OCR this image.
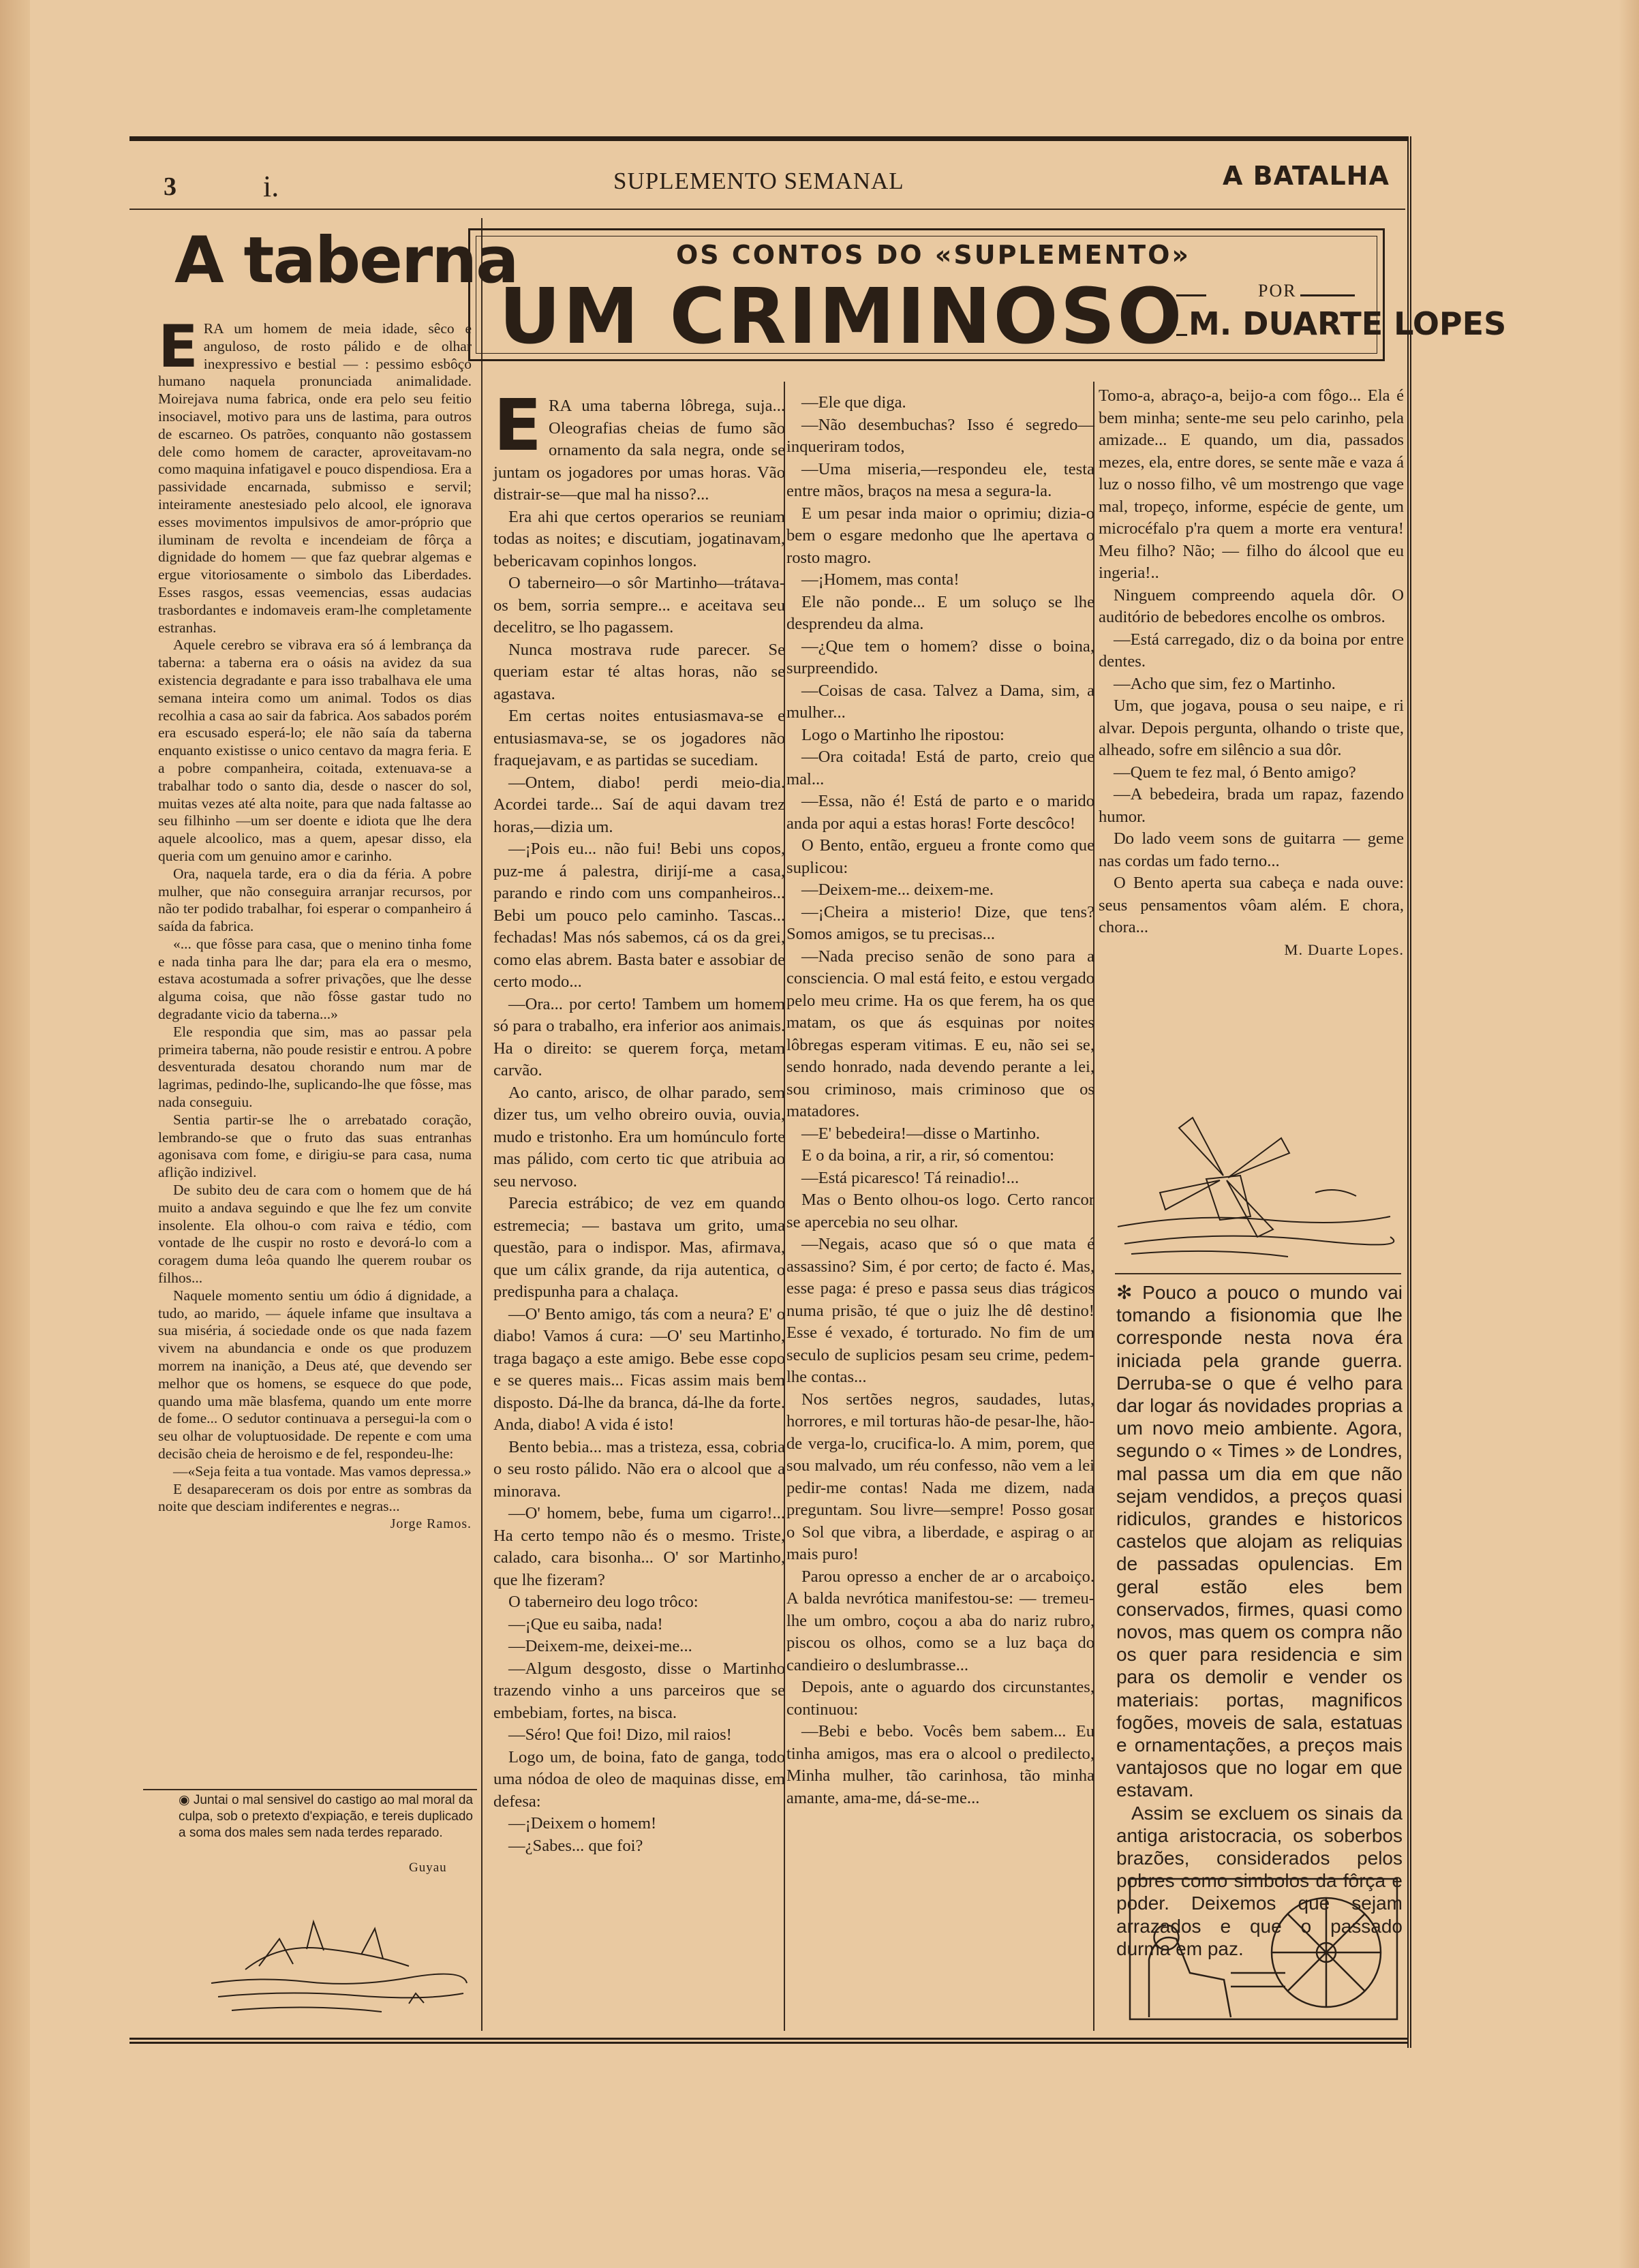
3	i.	SUPLEMENTO SEMANAL	A BATALHA
A taberna

ERA um homem de meia idade, sêco e anguloso, de rosto pálido e de olhar inexpressivo e bestial — : pessimo esbôço humano naquela pronunciada animalidade. Moirejava numa fabrica, onde era pelo seu feitio insociavel, motivo para uns de lastima, para outros de escarneo. Os patrões, conquanto não gostassem dele como homem de caracter, aproveitavam-no como maquina infatigavel e pouco dispendiosa. Era a passividade encarnada, submisso e servil; inteiramente anestesiado pelo alcool, ele ignorava esses movimentos impulsivos de amor-próprio que iluminam de revolta e incendeiam de fôrça a dignidade do homem — que faz quebrar algemas e ergue vitoriosamente o simbolo das Liberdades. Esses rasgos, essas veemencias, essas audacias trasbordantes e indomaveis eram-lhe completamente estranhas.

Aquele cerebro se vibrava era só á lembrança da taberna: a taberna era o oásis na avidez da sua existencia degradante e para isso trabalhava ele uma semana inteira como um animal. Todos os dias recolhia a casa ao sair da fabrica. Aos sabados porém era escusado esperá-lo; ele não saía da taberna enquanto existisse o unico centavo da magra feria. E a pobre companheira, coitada, extenuava-se a trabalhar todo o santo dia, desde o nascer do sol, muitas vezes até alta noite, para que nada faltasse ao seu filhinho —um ser doente e idiota que lhe dera aquele alcoolico, mas a quem, apesar disso, ela queria com um genuino amor e carinho.

Ora, naquela tarde, era o dia da féria. A pobre mulher, que não conseguira arranjar recursos, por não ter podido trabalhar, foi esperar o companheiro á saída da fabrica.

«... que fôsse para casa, que o menino tinha fome e nada tinha para lhe dar; para ela era o mesmo, estava acostumada a sofrer privações, que lhe desse alguma coisa, que não fôsse gastar tudo no degradante vicio da taberna...»

Ele respondia que sim, mas ao passar pela primeira taberna, não poude resistir e entrou. A pobre desventurada desatou chorando num mar de lagrimas, pedindo-lhe, suplicando-lhe que fôsse, mas nada conseguiu.

Sentia partir-se lhe o arrebatado coração, lembrando-se que o fruto das suas entranhas agonisava com fome, e dirigiu-se para casa, numa aflição indizivel.

De subito deu de cara com o homem que de há muito a andava seguindo e que lhe fez um convite insolente. Ela olhou-o com raiva e tédio, com vontade de lhe cuspir no rosto e devorá-lo com a coragem duma leôa quando lhe querem roubar os filhos...

Naquele momento sentiu um ódio á dignidade, a tudo, ao marido, — áquele infame que insultava a sua miséria, á sociedade onde os que nada fazem vivem na abundancia e onde os que produzem morrem na inanição, a Deus até, que devendo ser melhor que os homens, se esquece do que pode, quando uma mãe blasfema, quando um ente morre de fome... O sedutor continuava a persegui-la com o seu olhar de voluptuosidade. De repente e com uma decisão cheia de heroismo e de fel, respondeu-lhe:

—«Seja feita a tua vontade. Mas vamos depressa.»

E desapareceram os dois por entre as sombras da noite que desciam indiferentes e negras...

Jorge Ramos.

◉ Juntai o mal sensivel do castigo ao mal moral da culpa, sob o pretexto d'expiação, e tereis duplicado a soma dos males sem nada terdes reparado.
Guyau
OS CONTOS DO «SUPLEMENTO»
UM CRIMINOSO	POR
M. DUARTE LOPES

ERA uma taberna lôbrega, suja... Oleografias cheias de fumo são ornamento da sala negra, onde se juntam os jogadores por umas horas. Vão distrair-se—que mal ha nisso?...

Era ahi que certos operarios se reuniam todas as noites; e discutiam, jogatinavam, bebericavam copinhos longos.

O taberneiro—o sôr Martinho—trátava-os bem, sorria sempre... e aceitava seu decelitro, se lho pagassem.

Nunca mostrava rude parecer. Se queriam estar té altas horas, não se agastava.

Em certas noites entusiasmava-se e entusiasmava-se, se os jogadores não fraquejavam, e as partidas se sucediam.

—Ontem, diabo! perdi meio-dia. Acordei tarde... Saí de aqui davam trez horas,—dizia um.

—¡Pois eu... não fui! Bebi uns copos, puz-me á palestra, dirijí-me a casa, parando e rindo com uns companheiros... Bebi um pouco pelo caminho. Tascas... fechadas! Mas nós sabemos, cá os da grei, como elas abrem. Basta bater e assobiar de certo modo...

—Ora... por certo! Tambem um homem só para o trabalho, era inferior aos animais. Ha o direito: se querem força, metam carvão.

Ao canto, arisco, de olhar parado, sem dizer tus, um velho obreiro ouvia, ouvia, mudo e tristonho. Era um homúnculo forte mas pálido, com certo tic que atribuia ao seu nervoso.

Parecia estrábico; de vez em quando estremecia; — bastava um grito, uma questão, para o indispor. Mas, afirmava, que um cálix grande, da rija autentica, o predispunha para a chalaça.

—O' Bento amigo, tás com a neura? E' o diabo! Vamos á cura: —O' seu Martinho, traga bagaço a este amigo. Bebe esse copo e se queres mais... Ficas assim mais bem disposto. Dá-lhe da branca, dá-lhe da forte. Anda, diabo! A vida é isto!

Bento bebia... mas a tristeza, essa, cobria o seu rosto pálido. Não era o alcool que a minorava.

—O' homem, bebe, fuma um cigarro!... Ha certo tempo não és o mesmo. Triste, calado, cara bisonha... O' sor Martinho, que lhe fizeram?

O taberneiro deu logo trôco:

—¡Que eu saiba, nada!

—Deixem-me, deixei-me...

—Algum desgosto, disse o Martinho trazendo vinho a uns parceiros que se embebiam, fortes, na bisca.

—Séro! Que foi! Dizo, mil raios!

Logo um, de boina, fato de ganga, todo uma nódoa de oleo de maquinas disse, em defesa:

—¡Deixem o homem!

—¿Sabes... que foi?

—Ele que diga.

—Não desembuchas? Isso é segredo—inqueriram todos,

—Uma miseria,—respondeu ele, testa entre mãos, braços na mesa a segura-la.

E um pesar inda maior o oprimiu; dizia-o bem o esgare medonho que lhe apertava o rosto magro.

—¡Homem, mas conta!

Ele não ponde... E um soluço se lhe desprendeu da alma.

—¿Que tem o homem? disse o boina, surpreendido.

—Coisas de casa. Talvez a Dama, sim, a mulher...

Logo o Martinho lhe ripostou:

—Ora coitada! Está de parto, creio que mal...

—Essa, não é! Está de parto e o marido anda por aqui a estas horas! Forte descôco!

O Bento, então, ergueu a fronte como que suplicou:

—Deixem-me... deixem-me.

—¡Cheira a misterio! Dize, que tens? Somos amigos, se tu precisas...

—Nada preciso senão de sono para a consciencia. O mal está feito, e estou vergado pelo meu crime. Ha os que ferem, ha os que matam, os que ás esquinas por noites lôbregas esperam vitimas. E eu, não sei se, sendo honrado, nada devendo perante a lei, sou criminoso, mais criminoso que os matadores.

—E' bebedeira!—disse o Martinho.

E o da boina, a rir, a rir, só comentou:

—Está picaresco! Tá reinadio!...

Mas o Bento olhou-os logo. Certo rancor se apercebia no seu olhar.

—Negais, acaso que só o que mata é assassino? Sim, é por certo; de facto é. Mas, esse paga: é preso e passa seus dias trágicos numa prisão, té que o juiz lhe dê destino! Esse é vexado, é torturado. No fim de um seculo de suplicios pesam seu crime, pedem-lhe contas...

Nos sertões negros, saudades, lutas, horrores, e mil torturas hão-de pesar-lhe, hão-de verga-lo, crucifica-lo. A mim, porem, que sou malvado, um réu confesso, não vem a lei pedir-me contas! Nada me dizem, nada preguntam. Sou livre—sempre! Posso gosar o Sol que vibra, a liberdade, e aspirag o ar mais puro!

Parou opresso a encher de ar o arcaboiço. A balda nevrótica manifestou-se: — tremeu-lhe um ombro, coçou a aba do nariz rubro, piscou os olhos, como se a luz baça do candieiro o deslumbrasse...

Depois, ante o aguardo dos circunstantes, continuou:

—Bebi e bebo. Vocês bem sabem... Eu tinha amigos, mas era o alcool o predilecto, Minha mulher, tão carinhosa, tão minha amante, ama-me, dá-se-me...

Tomo-a, abraço-a, beijo-a com fôgo... Ela é bem minha; sente-me seu pelo carinho, pela amizade... E quando, um dia, passados mezes, ela, entre dores, se sente mãe e vaza á luz o nosso filho, vê um mostrengo que vage mal, tropeço, informe, espécie de gente, um microcéfalo p'ra quem a morte era ventura! Meu filho? Não; — filho do álcool que eu ingeria!..

Ninguem compreendo aquela dôr. O auditório de bebedores encolhe os ombros.

—Está carregado, diz o da boina por entre dentes.

—Acho que sim, fez o Martinho.

Um, que jogava, pousa o seu naipe, e ri alvar. Depois pergunta, olhando o triste que, alheado, sofre em silêncio a sua dôr.

—Quem te fez mal, ó Bento amigo?

—A bebedeira, brada um rapaz, fazendo humor.

Do lado veem sons de guitarra — geme nas cordas um fado terno...

O Bento aperta sua cabeça e nada ouve: seus pensamentos vôam além. E chora, chora...

M. Duarte Lopes.

✻ Pouco a pouco o mundo vai tomando a fisionomia que lhe corresponde nesta nova éra iniciada pela grande guerra. Derruba-se o que é velho para dar logar ás novidades proprias a um novo meio ambiente. Agora, segundo o « Times » de Londres, mal passa um dia em que não sejam vendidos, a preços quasi ridiculos, grandes e historicos castelos que alojam as reliquias de passadas opulencias. Em geral estão eles bem conservados, firmes, quasi como novos, mas quem os compra não os quer para residencia e sim para os demolir e vender os materiais: portas, magnificos fogões, moveis de sala, estatuas e ornamentações, a preços mais vantajosos que no logar em que estavam.

Assim se excluem os sinais da antiga aristocracia, os soberbos brazões, considerados pelos pobres como simbolos da fôrça e poder. Deixemos que sejam arrazados e que o passado durma em paz.
